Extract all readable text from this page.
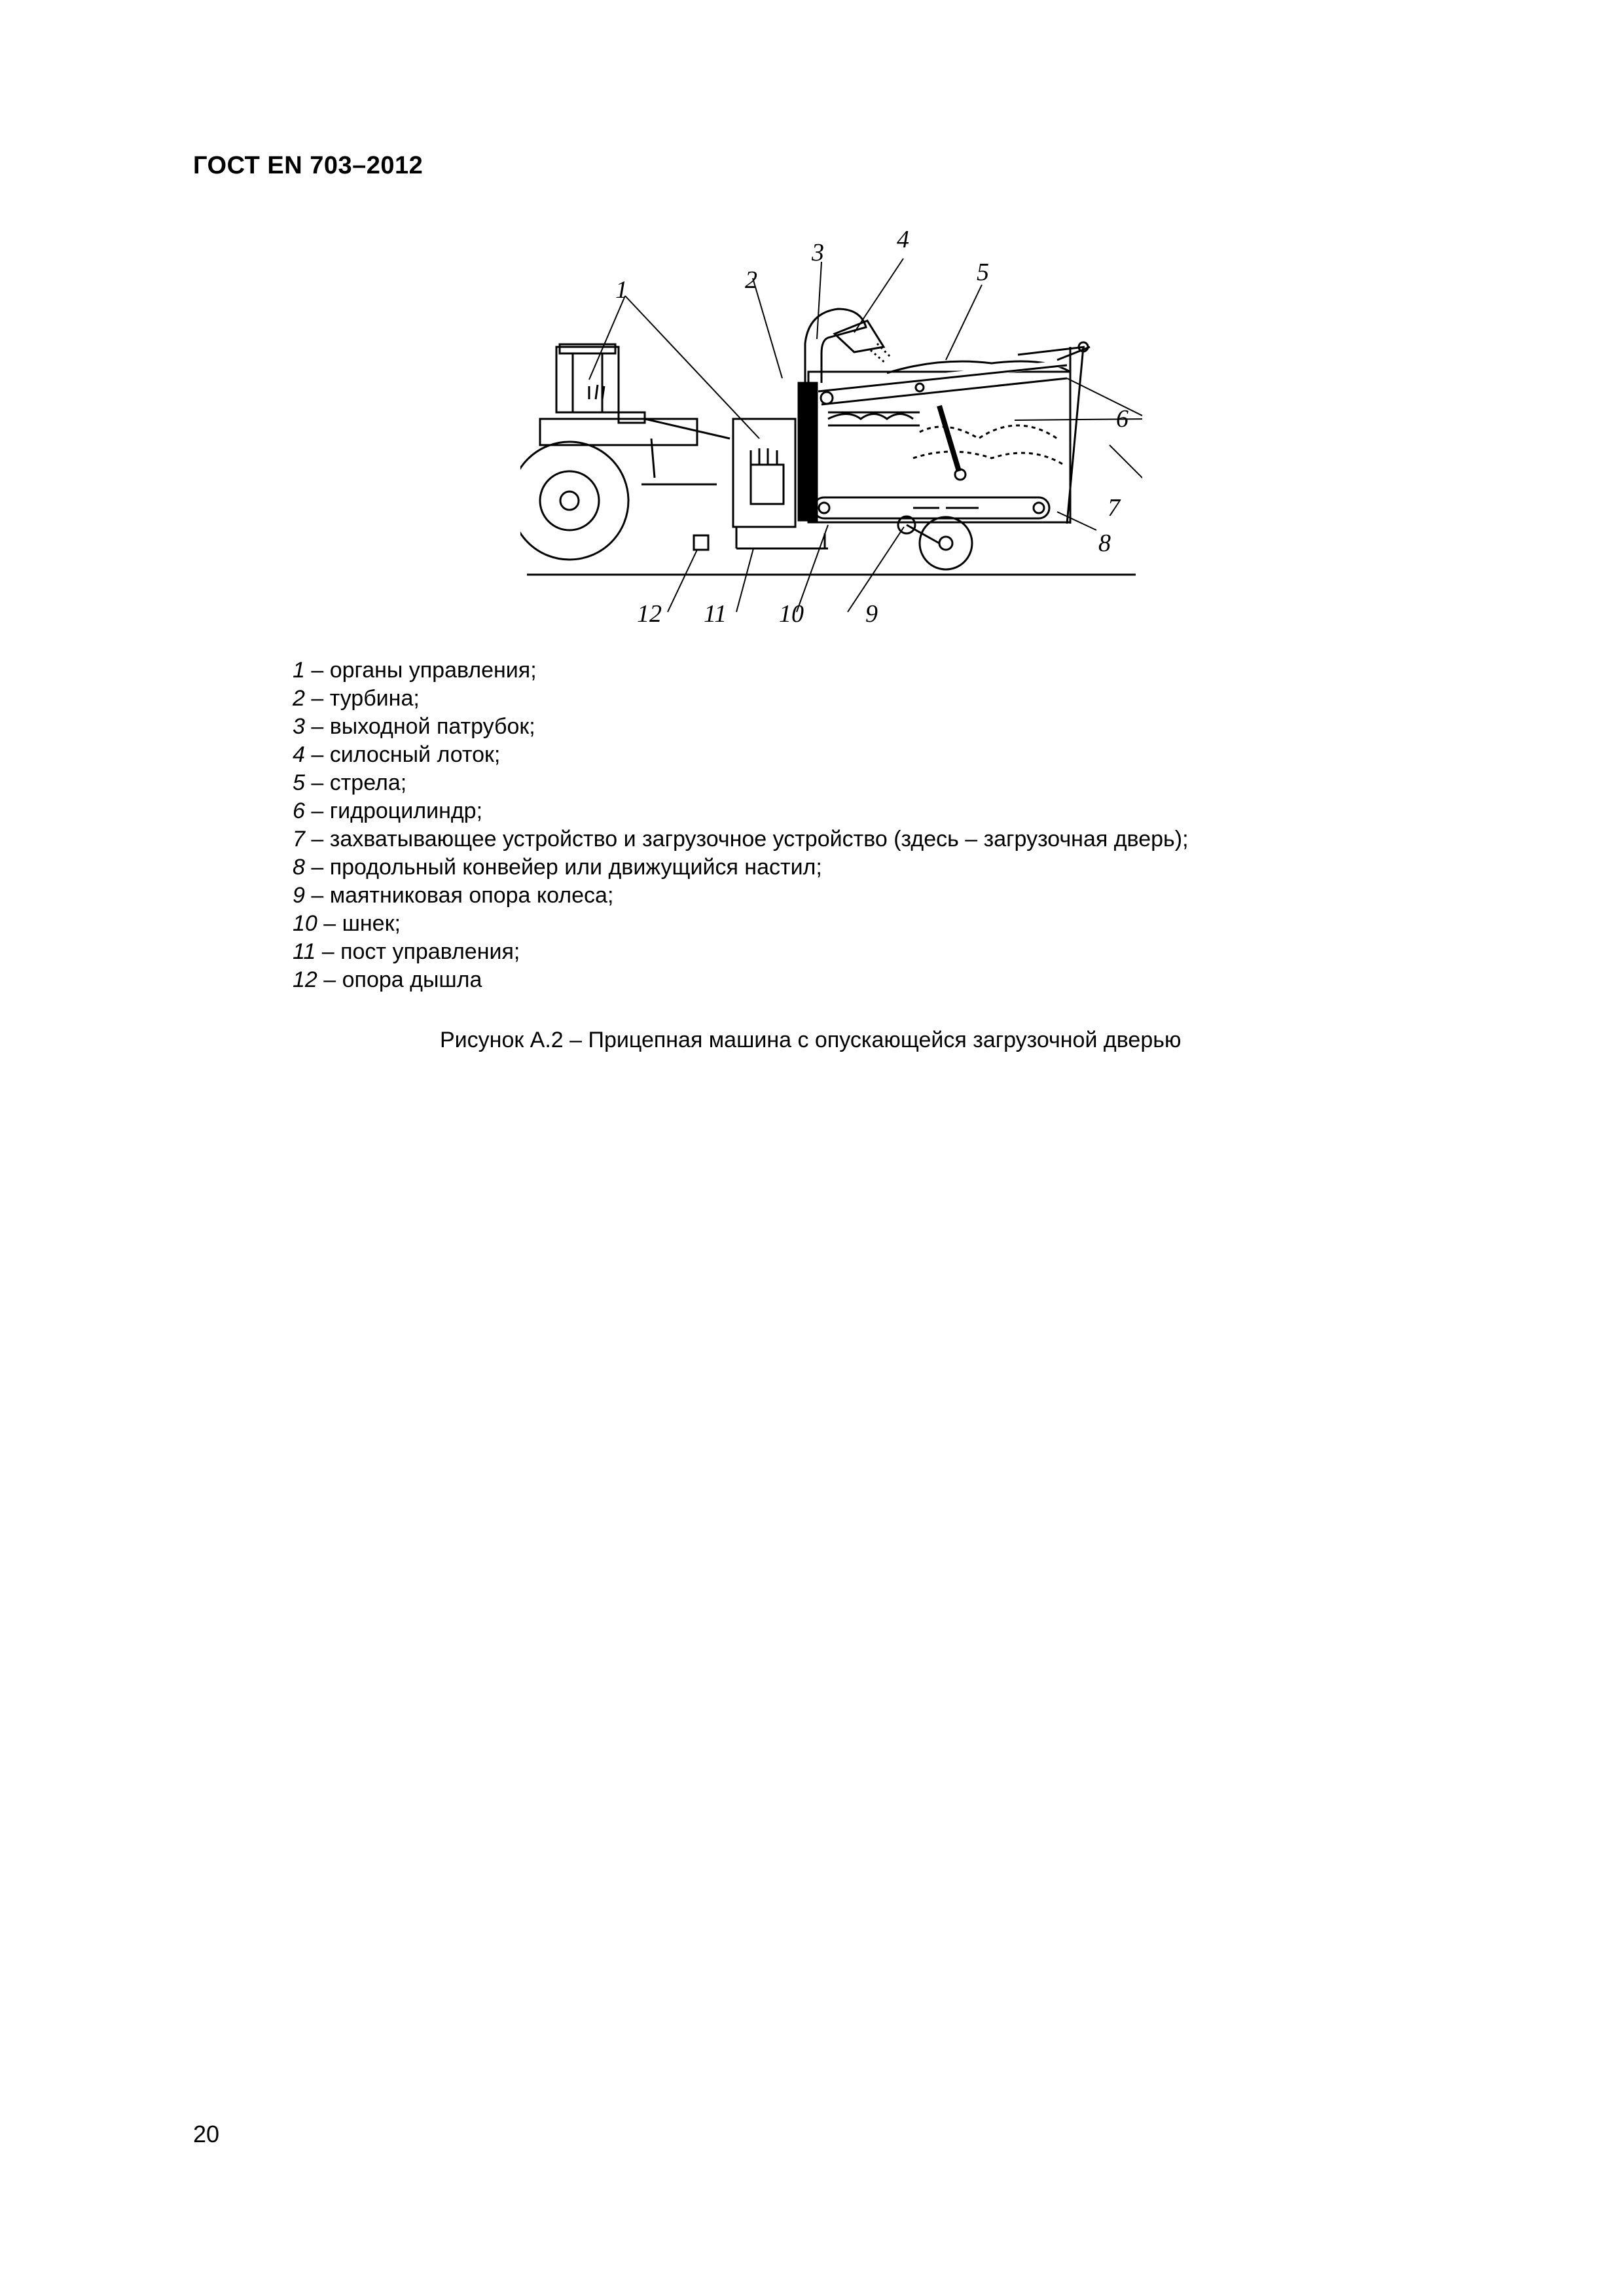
ГОСТ EN 703–2012
1	2
3	4
5
6
7
8
9
10
11
12
1 – органы управления;
2 – турбина;
3 – выходной патрубок;
4 – силосный лоток;
5 – стрела;
6 – гидроцилиндр;
7 – захватывающее устройство и загрузочное устройство (здесь – загрузочная дверь);
8 – продольный конвейер или движущийся настил;
9 – маятниковая опора колеса;
10 – шнек;
11 – пост управления;
12 – опора дышла
Рисунок А.2 – Прицепная машина с опускающейся загрузочной дверью
20
